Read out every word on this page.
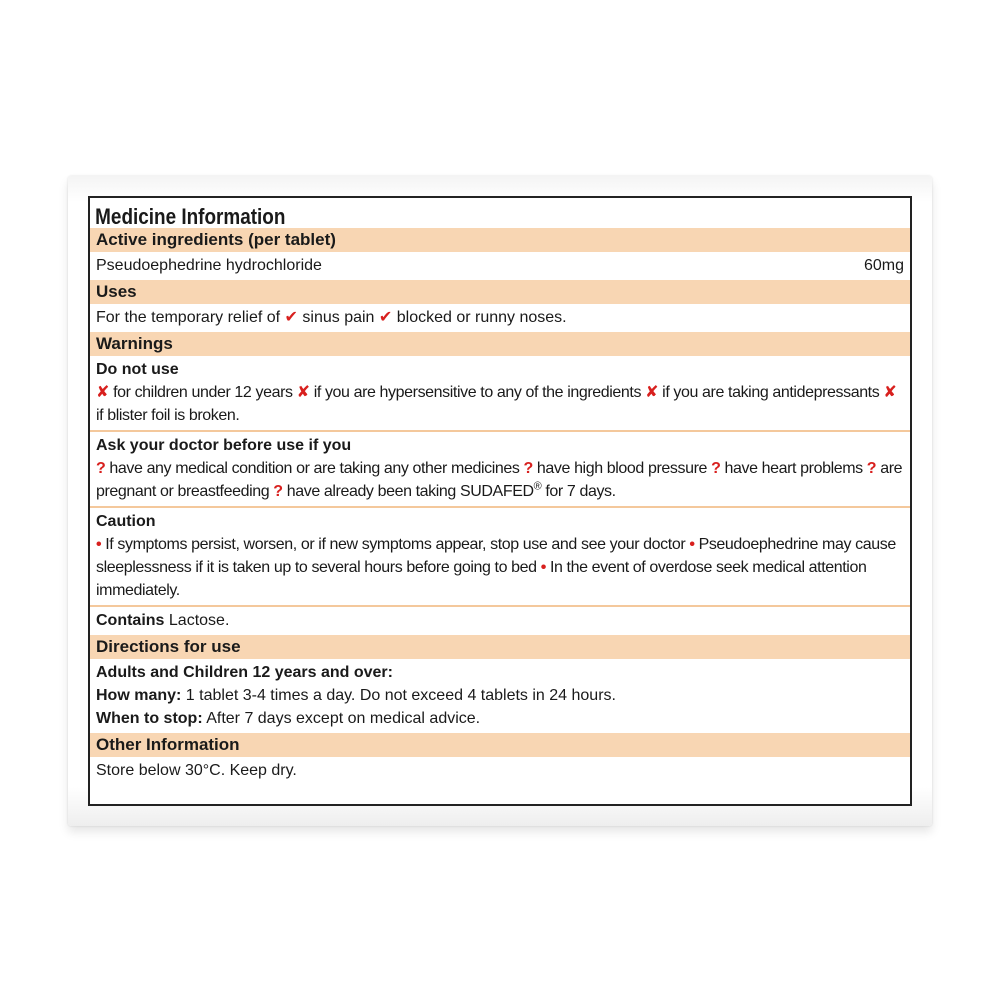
Medicine Information
Active ingredients (per tablet)
Pseudoephedrine hydrochloride	60mg
Uses
For the temporary relief of ✔ sinus pain ✔ blocked or runny noses.
Warnings
Do not use
✘ for children under 12 years ✘ if you are hypersensitive to any of the ingredients ✘ if you are taking antidepressants ✘ if blister foil is broken.
Ask your doctor before use if you
? have any medical condition or are taking any other medicines ? have high blood pressure ? have heart problems ? are pregnant or breastfeeding ? have already been taking SUDAFED® for 7 days.
Caution
• If symptoms persist, worsen, or if new symptoms appear, stop use and see your doctor • Pseudoephedrine may cause sleeplessness if it is taken up to several hours before going to bed • In the event of overdose seek medical attention immediately.
Contains Lactose.
Directions for use
Adults and Children 12 years and over:
How many: 1 tablet 3-4 times a day. Do not exceed 4 tablets in 24 hours.
When to stop: After 7 days except on medical advice.
Other Information
Store below 30°C. Keep dry.
